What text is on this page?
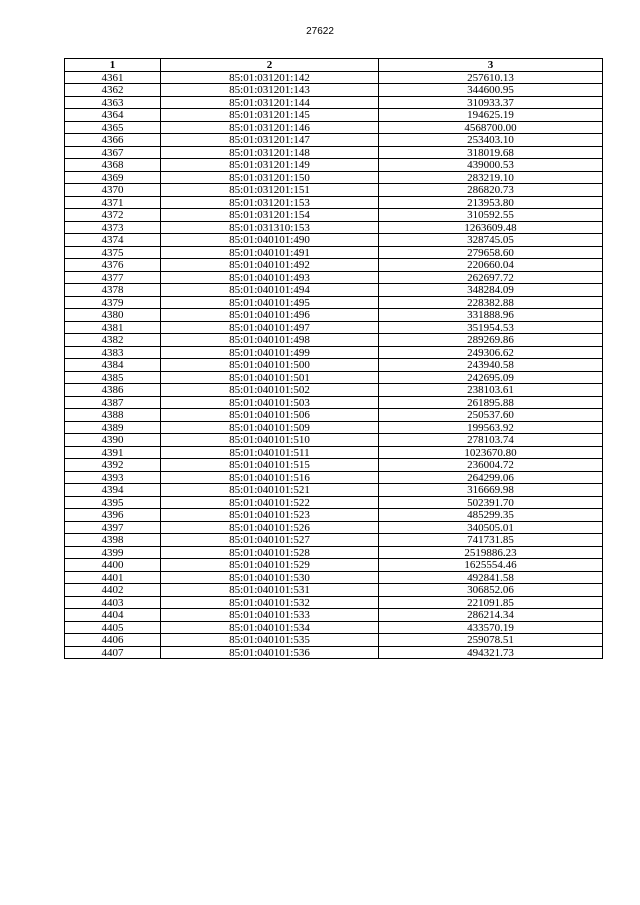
27622
1	2	3
4361	85:01:031201:142	257610.13
4362	85:01:031201:143	344600.95
4363	85:01:031201:144	310933.37
4364	85:01:031201:145	194625.19
4365	85:01:031201:146	4568700.00
4366	85:01:031201:147	253403.10
4367	85:01:031201:148	318019.68
4368	85:01:031201:149	439000.53
4369	85:01:031201:150	283219.10
4370	85:01:031201:151	286820.73
4371	85:01:031201:153	213953.80
4372	85:01:031201:154	310592.55
4373	85:01:031310:153	1263609.48
4374	85:01:040101:490	328745.05
4375	85:01:040101:491	279658.60
4376	85:01:040101:492	220660.04
4377	85:01:040101:493	262697.72
4378	85:01:040101:494	348284.09
4379	85:01:040101:495	228382.88
4380	85:01:040101:496	331888.96
4381	85:01:040101:497	351954.53
4382	85:01:040101:498	289269.86
4383	85:01:040101:499	249306.62
4384	85:01:040101:500	243940.58
4385	85:01:040101:501	242695.09
4386	85:01:040101:502	238103.61
4387	85:01:040101:503	261895.88
4388	85:01:040101:506	250537.60
4389	85:01:040101:509	199563.92
4390	85:01:040101:510	278103.74
4391	85:01:040101:511	1023670.80
4392	85:01:040101:515	236004.72
4393	85:01:040101:516	264299.06
4394	85:01:040101:521	316669.98
4395	85:01:040101:522	502391.70
4396	85:01:040101:523	485299.35
4397	85:01:040101:526	340505.01
4398	85:01:040101:527	741731.85
4399	85:01:040101:528	2519886.23
4400	85:01:040101:529	1625554.46
4401	85:01:040101:530	492841.58
4402	85:01:040101:531	306852.06
4403	85:01:040101:532	221091.85
4404	85:01:040101:533	286214.34
4405	85:01:040101:534	433570.19
4406	85:01:040101:535	259078.51
4407	85:01:040101:536	494321.73
